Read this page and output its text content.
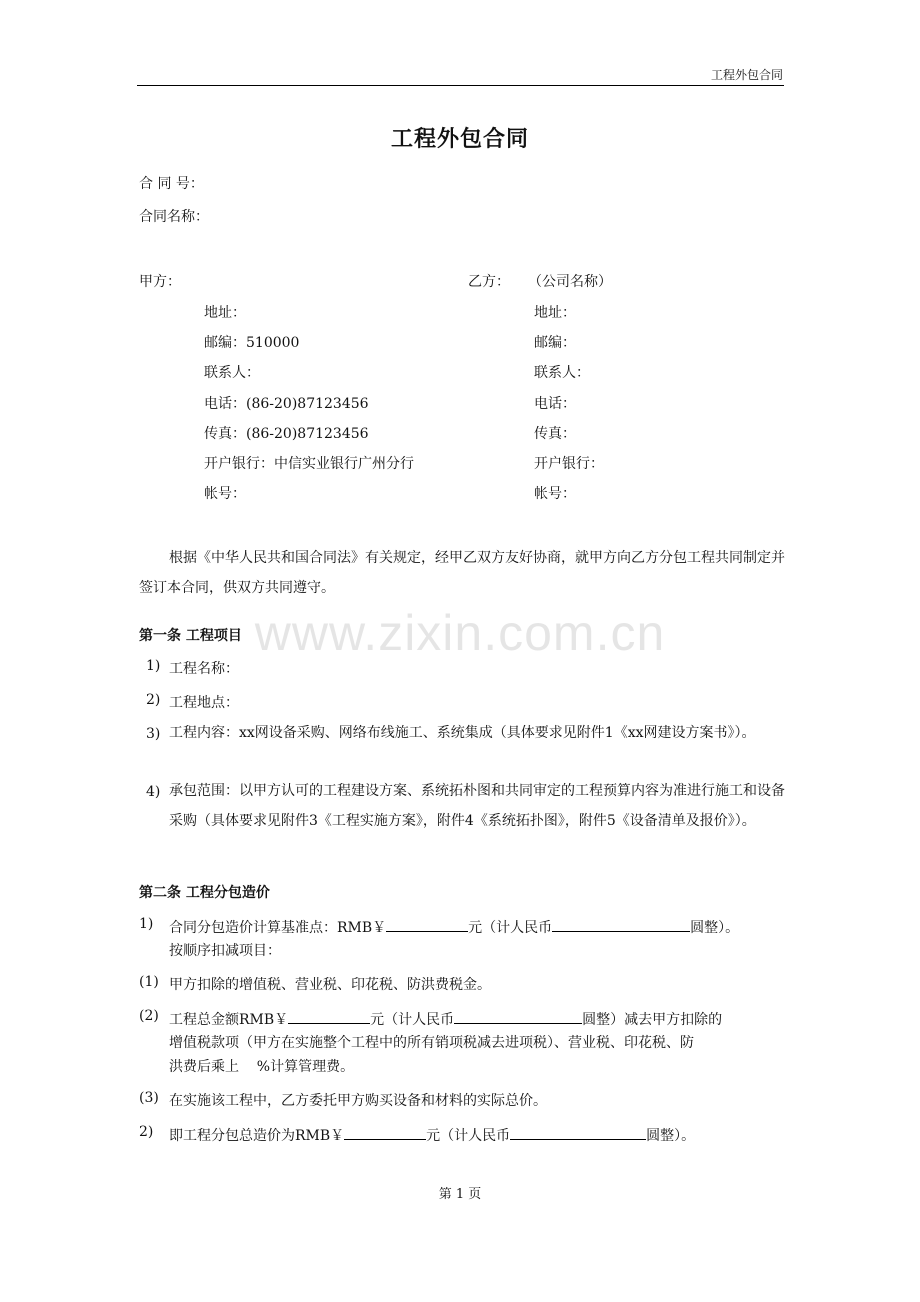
工程外包合同
工程外包合同
合 同 号：
合同名称：
甲方：	乙方： （公司名称）
地址：	地址：
邮编：510000	邮编：
联系人：	联系人：
电话：(86-20)87123456	电话：
传真：(86-20)87123456	传真：
开户银行：中信实业银行广州分行	开户银行：
帐号：	帐号：
根据《中华人民共和国合同法》有关规定，经甲乙双方友好协商，就甲方向乙方分包工程共同制定并签订本合同，供双方共同遵守。
www.zixin.com.cn
第一条 工程项目
1) 工程名称：
2) 工程地点：
3) 工程内容：xx网设备采购、网络布线施工、系统集成（具体要求见附件1《xx网建设方案书》）。
4) 承包范围：以甲方认可的工程建设方案、系统拓朴图和共同审定的工程预算内容为准进行施工和设备采购（具体要求见附件3《工程实施方案》，附件4《系统拓扑图》，附件5《设备清单及报价》）。
第二条 工程分包造价
1) 合同分包造价计算基准点：RMB￥	元（计人民币	圆整）。
按顺序扣减项目：
(1) 甲方扣除的增值税、营业税、印花税、防洪费税金。
(2) 工程总金额RMB￥	元（计人民币	圆整）减去甲方扣除的
增值税款项（甲方在实施整个工程中的所有销项税减去进项税）、营业税、印花税、防
洪费后乘上    %计算管理费。
(3) 在实施该工程中，乙方委托甲方购买设备和材料的实际总价。
2) 即工程分包总造价为RMB￥	元（计人民币	圆整）。
第 1 页
